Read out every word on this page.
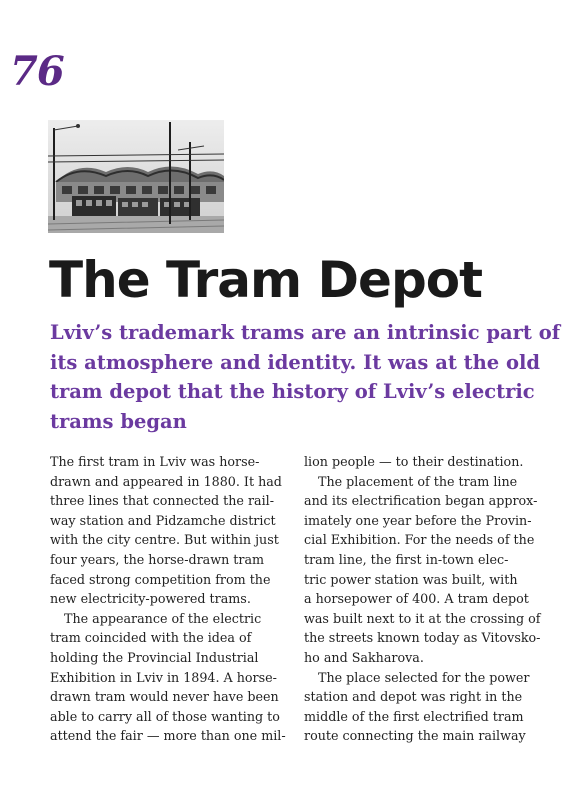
76
The Tram Depot
Lviv’s trademark trams are an intrinsic part of
its atmosphere and identity. It was at the old
tram depot that the history of Lviv’s electric
trams began
The first tram in Lviv was horse-
drawn and appeared in 1880. It had
three lines that connected the rail-
way station and Pidzamche district
with the city centre. But within just
four years, the horse-drawn tram
faced strong competition from the
new electricity-powered trams.
The appearance of the electric
tram coincided with the idea of
holding the Provincial Industrial
Exhibition in Lviv in 1894. A horse-
drawn tram would never have been
able to carry all of those wanting to
attend the fair — more than one mil-
lion people — to their destination.
The placement of the tram line
and its electrification began approx-
imately one year before the Provin-
cial Exhibition. For the needs of the
tram line, the first in-town elec-
tric power station was built, with
a horsepower of 400. A tram depot
was built next to it at the crossing of
the streets known today as Vitovsko-
ho and Sakharova.
The place selected for the power
station and depot was right in the
middle of the first electrified tram
route connecting the main railway
